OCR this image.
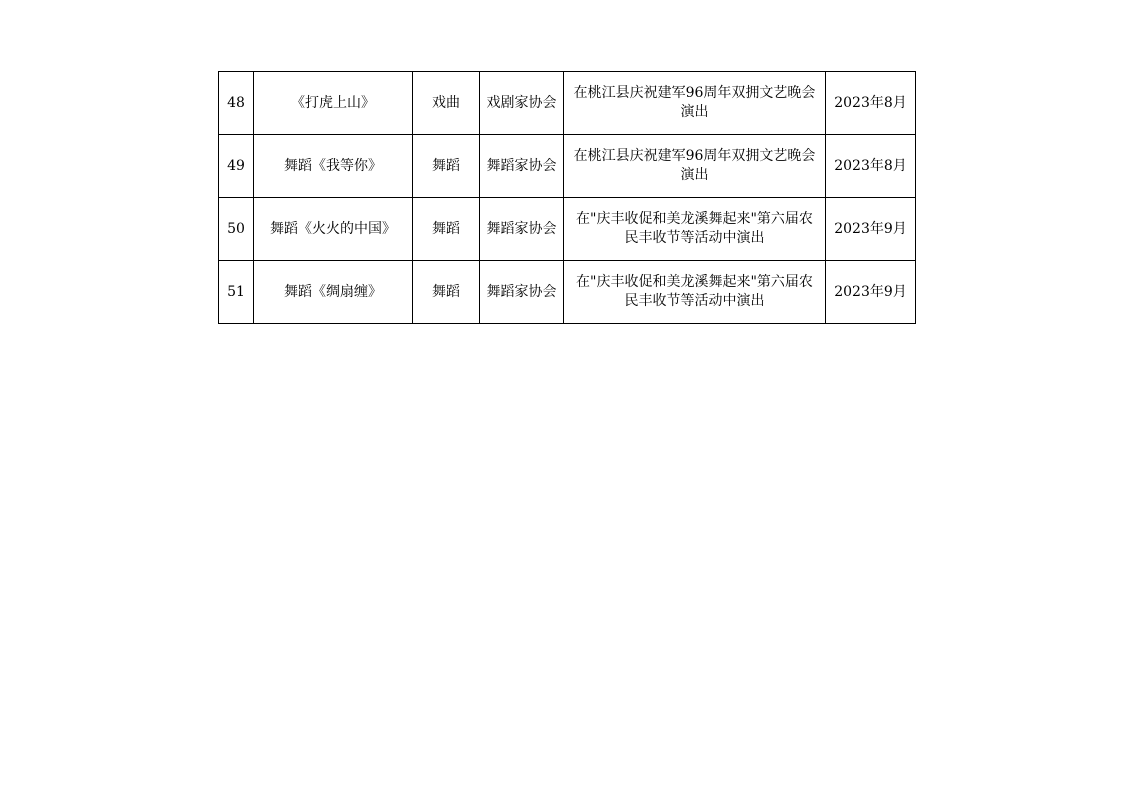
48	《打虎上山》	戏曲	戏剧家协会	在桃江县庆祝建军96周年双拥文艺晚会演出	2023年8月
49	舞蹈《我等你》	舞蹈	舞蹈家协会	在桃江县庆祝建军96周年双拥文艺晚会演出	2023年8月
50	舞蹈《火火的中国》	舞蹈	舞蹈家协会	在"庆丰收促和美龙溪舞起来"第六届农民丰收节等活动中演出	2023年9月
51	舞蹈《绸扇缠》	舞蹈	舞蹈家协会	在"庆丰收促和美龙溪舞起来"第六届农民丰收节等活动中演出	2023年9月
